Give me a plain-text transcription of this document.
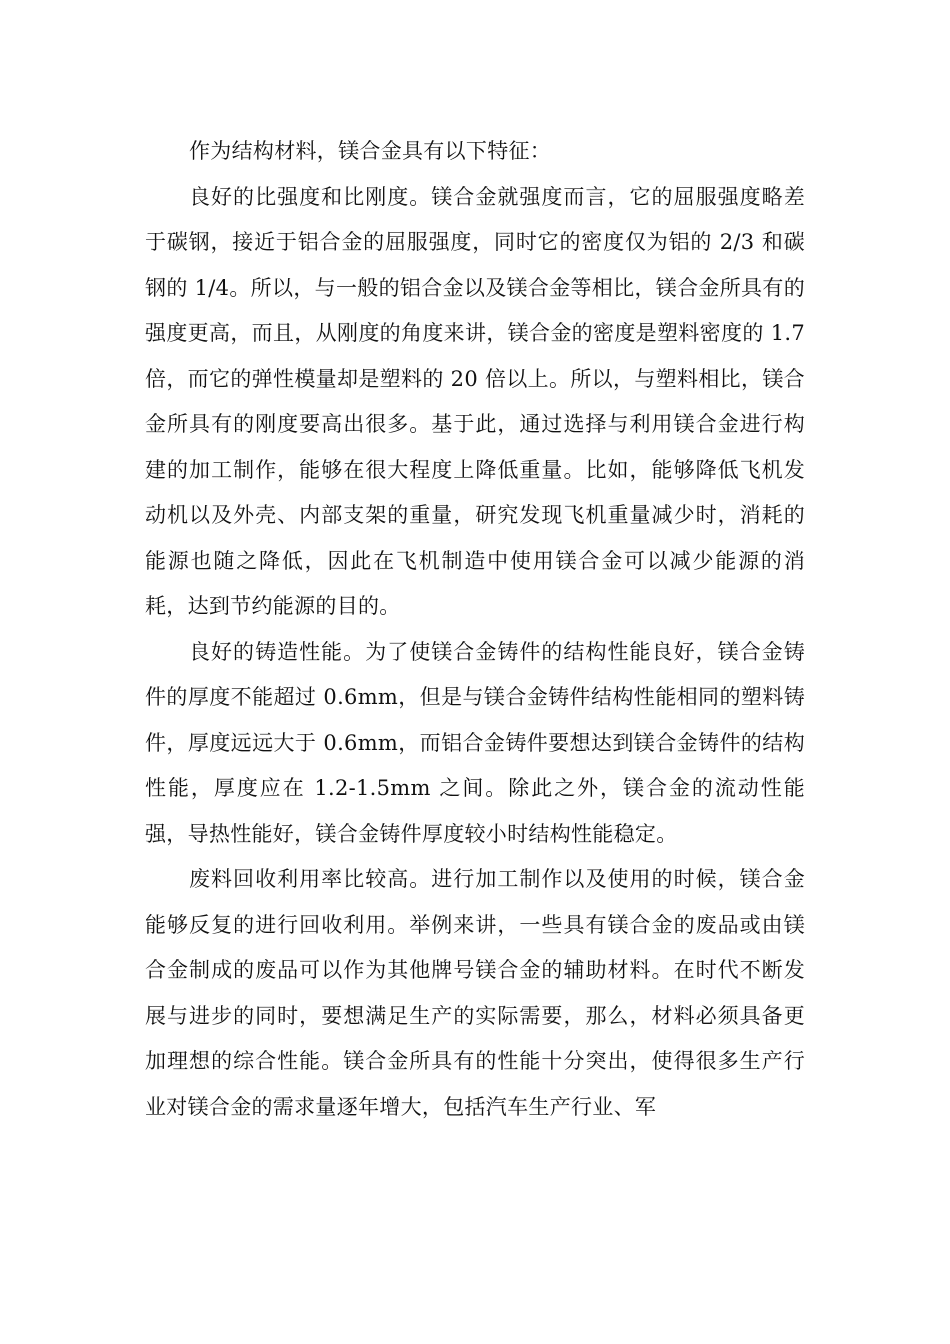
作为结构材料，镁合金具有以下特征：

良好的比强度和比刚度。镁合金就强度而言，它的屈服强度略差于碳钢，接近于铝合金的屈服强度，同时它的密度仅为铝的 2/3 和碳钢的 1/4。所以，与一般的铝合金以及镁合金等相比，镁合金所具有的强度更高，而且，从刚度的角度来讲，镁合金的密度是塑料密度的 1.7 倍，而它的弹性模量却是塑料的 20 倍以上。所以，与塑料相比，镁合金所具有的刚度要高出很多。基于此，通过选择与利用镁合金进行构建的加工制作，能够在很大程度上降低重量。比如，能够降低飞机发动机以及外壳、内部支架的重量，研究发现飞机重量减少时，消耗的能源也随之降低，因此在飞机制造中使用镁合金可以减少能源的消耗，达到节约能源的目的。

良好的铸造性能。为了使镁合金铸件的结构性能良好，镁合金铸件的厚度不能超过 0.6mm，但是与镁合金铸件结构性能相同的塑料铸件，厚度远远大于 0.6mm，而铝合金铸件要想达到镁合金铸件的结构性能，厚度应在 1.2-1.5mm 之间。除此之外，镁合金的流动性能强，导热性能好，镁合金铸件厚度较小时结构性能稳定。

废料回收利用率比较高。进行加工制作以及使用的时候，镁合金能够反复的进行回收利用。举例来讲，一些具有镁合金的废品或由镁合金制成的废品可以作为其他牌号镁合金的辅助材料。在时代不断发展与进步的同时，要想满足生产的实际需要，那么，材料必须具备更加理想的综合性能。镁合金所具有的性能十分突出，使得很多生产行业对镁合金的需求量逐年增大，包括汽车生产行业、军
